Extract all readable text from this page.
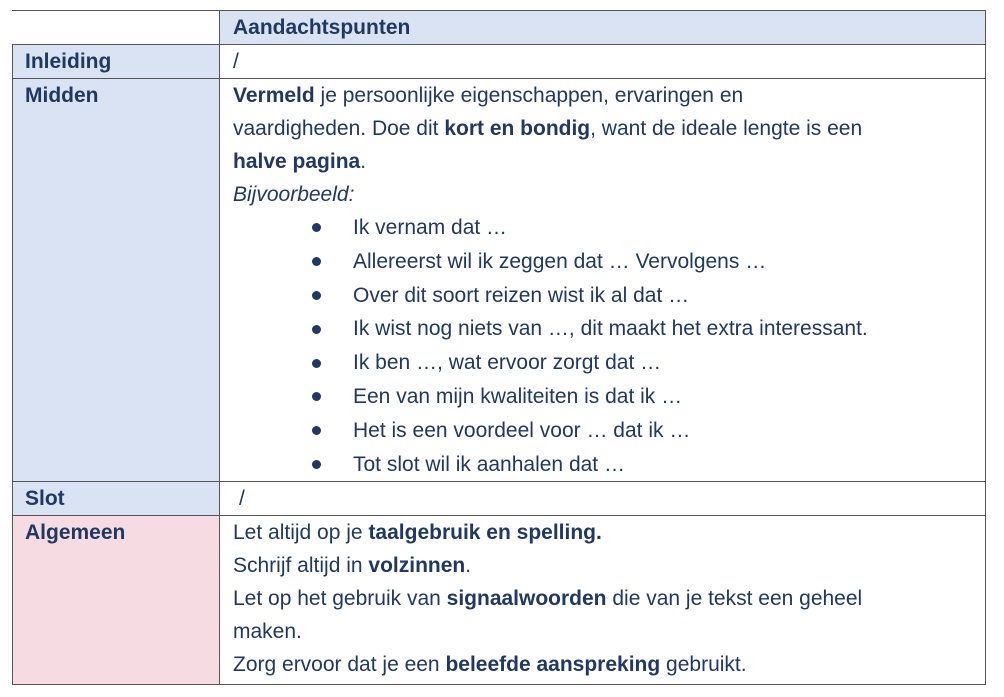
Aandachtspunten
Inleiding	/
Midden	Vermeld je persoonlijke eigenschappen, ervaringen en
vaardigheden. Doe dit kort en bondig, want de ideale lengte is een
halve pagina.
Bijvoorbeeld:
Ik vernam dat …
Allereerst wil ik zeggen dat … Vervolgens …
Over dit soort reizen wist ik al dat …
Ik wist nog niets van …, dit maakt het extra interessant.
Ik ben …, wat ervoor zorgt dat …
Een van mijn kwaliteiten is dat ik …
Het is een voordeel voor … dat ik …
Tot slot wil ik aanhalen dat …
Slot	/
Algemeen	Let altijd op je taalgebruik en spelling.
Schrijf altijd in volzinnen.
Let op het gebruik van signaalwoorden die van je tekst een geheel
maken.
Zorg ervoor dat je een beleefde aanspreking gebruikt.
